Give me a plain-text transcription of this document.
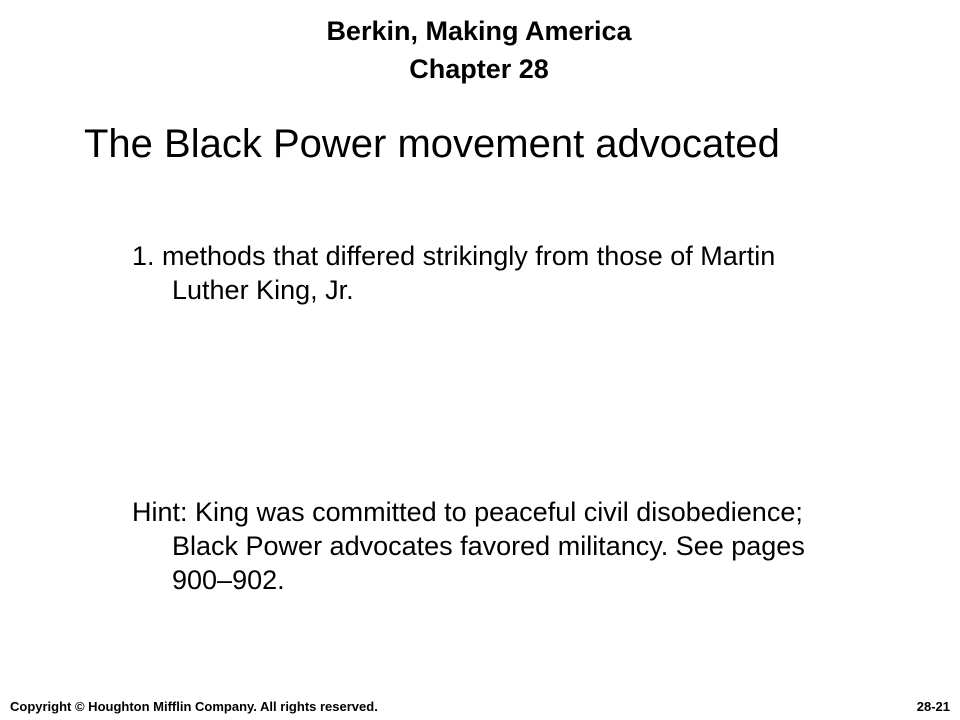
Berkin, Making America
Chapter 28
The Black Power movement advocated
1. methods that differed strikingly from those of Martin Luther King, Jr.
Hint: King was committed to peaceful civil disobedience; Black Power advocates favored militancy. See pages 900–902.
Copyright © Houghton Mifflin Company. All rights reserved.	28-21
